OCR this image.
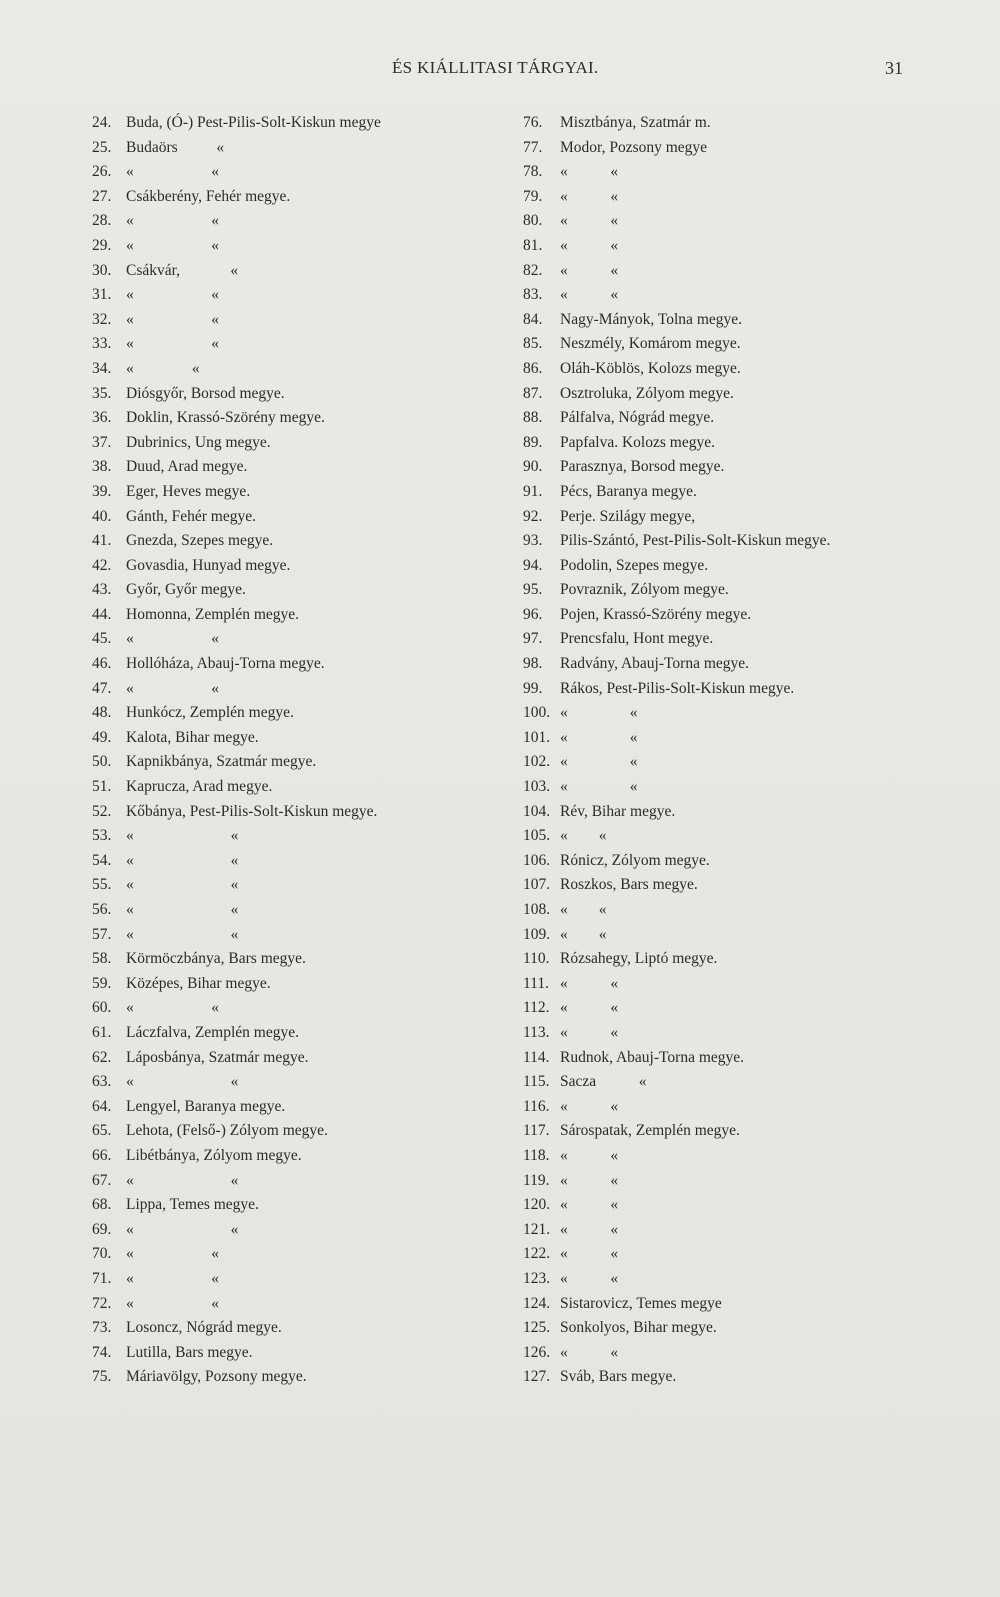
ÉS KIÁLLITASI TÁRGYAI.	31
24. Buda, (Ó-) Pest-Pilis-Solt-Kiskun megye
25. Budaörs          «
26. «                    «
27. Csákberény, Fehér megye.
28. «                    «
29. «                    «
30. Csákvár,             «
31. «                    «
32. «                    «
33. «                    «
34. «               «
35. Diósgyőr, Borsod megye.
36. Doklin, Krassó-Szörény megye.
37. Dubrinics, Ung megye.
38. Duud, Arad megye.
39. Eger, Heves megye.
40. Gánth, Fehér megye.
41. Gnezda, Szepes megye.
42. Govasdia, Hunyad megye.
43. Győr, Győr megye.
44. Homonna, Zemplén megye.
45. «                    «
46. Hollóháza, Abauj-Torna megye.
47. «                    «
48. Hunkócz, Zemplén megye.
49. Kalota, Bihar megye.
50. Kapnikbánya, Szatmár megye.
51. Kaprucza, Arad megye.
52. Kőbánya, Pest-Pilis-Solt-Kiskun megye.
53. «                         «
54. «                         «
55. «                         «
56. «                         «
57. «                         «
58. Körmöczbánya, Bars megye.
59. Középes, Bihar megye.
60. «                    «
61. Láczfalva, Zemplén megye.
62. Láposbánya, Szatmár megye.
63. «                         «
64. Lengyel, Baranya megye.
65. Lehota, (Felső-) Zólyom megye.
66. Libétbánya, Zólyom megye.
67. «                         «
68. Lippa, Temes megye.
69. «                         «
70. «                    «
71. «                    «
72. «                    «
73. Losoncz, Nógrád megye.
74. Lutilla, Bars megye.
75. Máriavölgy, Pozsony megye.
76.	Misztbánya, Szatmár m.
77.	Modor, Pozsony megye
78.	«           «
79.	«           «
80.	«           «
81.	«           «
82.	«           «
83.	«           «
84.	Nagy-Mányok, Tolna megye.
85.	Neszmély, Komárom megye.
86.	Oláh-Köblös, Kolozs megye.
87.	Osztroluka, Zólyom megye.
88.	Pálfalva, Nógrád megye.
89.	Papfalva. Kolozs megye.
90.	Parasznya, Borsod megye.
91.	Pécs, Baranya megye.
92.	Perje. Szilágy megye,
93.	Pilis-Szántó, Pest-Pilis-Solt-Kiskun megye.
94.	Podolin, Szepes megye.
95.	Povraznik, Zólyom megye.
96.	Pojen, Krassó-Szörény megye.
97.	Prencsfalu, Hont megye.
98.	Radvány, Abauj-Torna megye.
99.	Rákos, Pest-Pilis-Solt-Kiskun megye.
100. «                «
101. «                «
102. «                «
103. «                «
104. Rév, Bihar megye.
105. «        «
106. Rónicz, Zólyom megye.
107. Roszkos, Bars megye.
108. «        «
109. «        «
110. Rózsahegy, Liptó megye.
111. «           «
112. «           «
113. «           «
114. Rudnok, Abauj-Torna megye.
115. Sacza           «
116. «           «
117. Sárospatak, Zemplén megye.
118. «           «
119. «           «
120. «           «
121. «           «
122. «           «
123. «           «
124. Sistarovicz, Temes megye
125. Sonkolyos, Bihar megye.
126. «           «
127. Sváb, Bars megye.
